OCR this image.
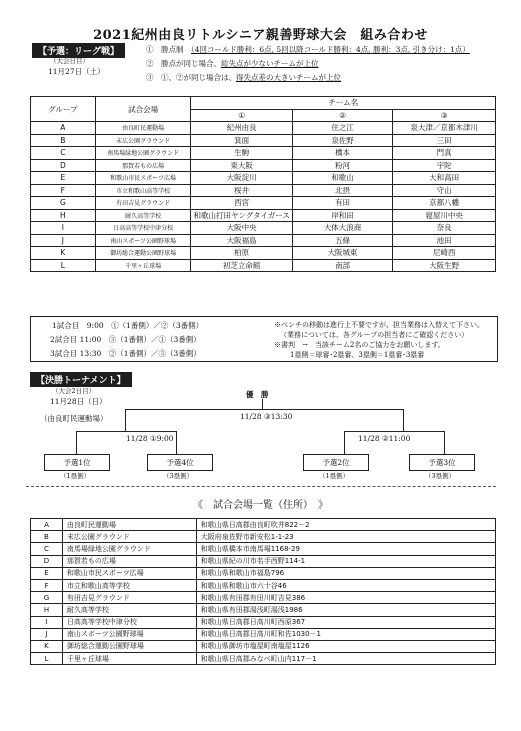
2021紀州由良リトルシニア親善野球大会　組み合わせ
【予選：リーグ戦】
（大会日目）
11月27日（土）
①　勝点制　（4回コールド勝利：6点, 5回以降コールド勝利：4点, 勝利：3点, 引き分け：1点）
②　勝点が同じ場合、総失点が少ないチームが上位
③　①、②が同じ場合は、得失点差の大きいチームが上位
グループ	試合会場	チーム名		
		①	②	③
A	由良町民運動場	紀州由良	住之江	泉大津／京都木津川
B	末広公園グラウンド	箕面	泉佐野	三田
C	南馬場緑地公園グラウンド	生駒	橋本	門真
D	那賀若もの広場	東大阪	粉河	宇陀
E	和歌山市民スポーツ広場	大阪淀川	和歌山	大和高田
F	市立和歌山高等学校	桜井	北摂	守山
G	有田吉見グラウンド	西宮	有田	京都八幡
H	耐久高等学校	和歌山打田ヤングタイガース	岸和田	寝屋川中央
I	日高高等学校中津分校	大阪中央	大体大浪商	奈良
J	南山スポーツ公園野球場	大阪福島	五條	池田
K	御坊総合運動公園野球場	柏原	大阪城東	尼崎西
L	千里ヶ丘球場	初芝立命館	南部	大阪生野
1試合目　9:00　①（1番側）／②（3番側）
2試合目 11:00　③（1番側）／①（3番側）
3試合目 13:30　②（1番側）／③（3番側）
※ベンチの移動は進行上不要ですが、担当業務は入替えて下さい。
（業務については、各グループの担当者にご確認ください）
※書判　→　当該チーム2名のご協力をお願いします。
1塁側＝球審･2塁審、3塁側＝1塁審･3塁審
【決勝トーナメント】
（大会2日目）
11月28日（日）
（由良町民運動場）
優　勝
11/28 ③13:30
11/28 ①9:00	11/28 ②11:00
予選1位	予選4位	予選2位	予選3位
（1塁側）	（3塁側）	（1塁側）	（3塁側）
《　試合会場一覧（住所）　》
A	由良町民運動場	和歌山県日高郡由良町吹井822－2
B	末広公園グラウンド	大阪府泉佐野市新安松1-1-23
C	南馬場緑地公園グラウンド	和歌山県橋本市南馬場1168-29
D	那賀若もの広場	和歌山県紀の川市名手西野114-1
E	和歌山市民スポーツ広場	和歌山県和歌山市福島796
F	市立和歌山高等学校	和歌山県和歌山市六十谷46
G	有田吉見グラウンド	和歌山県有田郡有田川町吉見386
H	耐久高等学校	和歌山県有田郡湯浅町湯浅1986
I	日高高等学校中津分校	和歌山県日高郡日高川町西原367
J	南山スポーツ公園野球場	和歌山県日高郡日高川町和佐1030－1
K	御坊総合運動公園野球場	和歌山県御坊市塩屋町南塩屋1126
L	千里ヶ丘球場	和歌山県日高郡みなべ町山内117－1
